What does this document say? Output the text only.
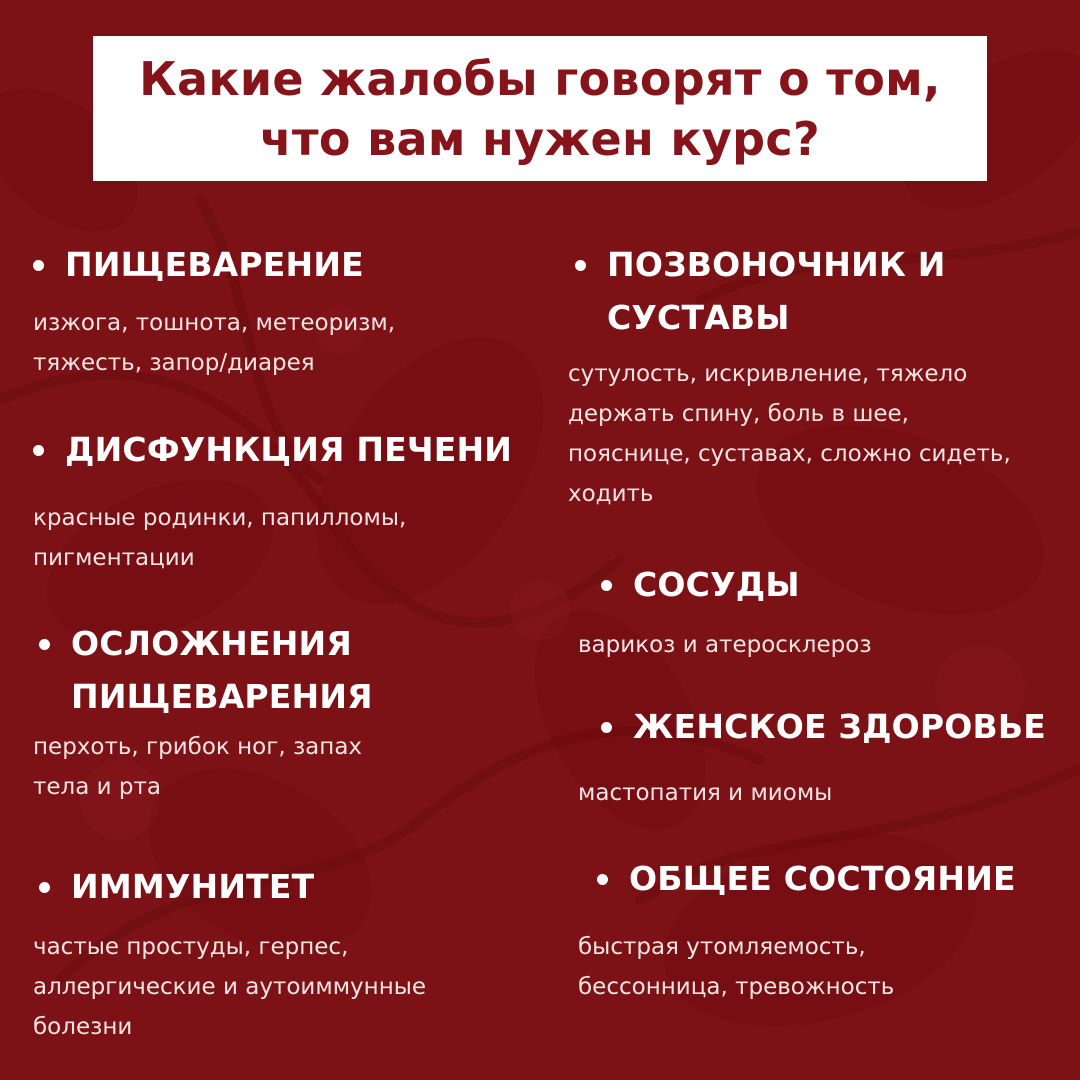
Какие жалобы говорят о том,
что вам нужен курс?
ПИЩЕВАРЕНИЕ
изжога, тошнота, метеоризм,
тяжесть, запор/диарея
ДИСФУНКЦИЯ ПЕЧЕНИ
красные родинки, папилломы,
пигментации
ОСЛОЖНЕНИЯ
ПИЩЕВАРЕНИЯ
перхоть, грибок ног, запах
тела и рта
ИММУНИТЕТ
частые простуды, герпес,
аллергические и аутоиммунные
болезни
ПОЗВОНОЧНИК И
СУСТАВЫ
сутулость, искривление, тяжело
держать спину, боль в шее,
пояснице, суставах, сложно сидеть,
ходить
СОСУДЫ
варикоз и атеросклероз
ЖЕНСКОЕ ЗДОРОВЬЕ
мастопатия и миомы
ОБЩЕЕ СОСТОЯНИЕ
быстрая утомляемость,
бессонница, тревожность
